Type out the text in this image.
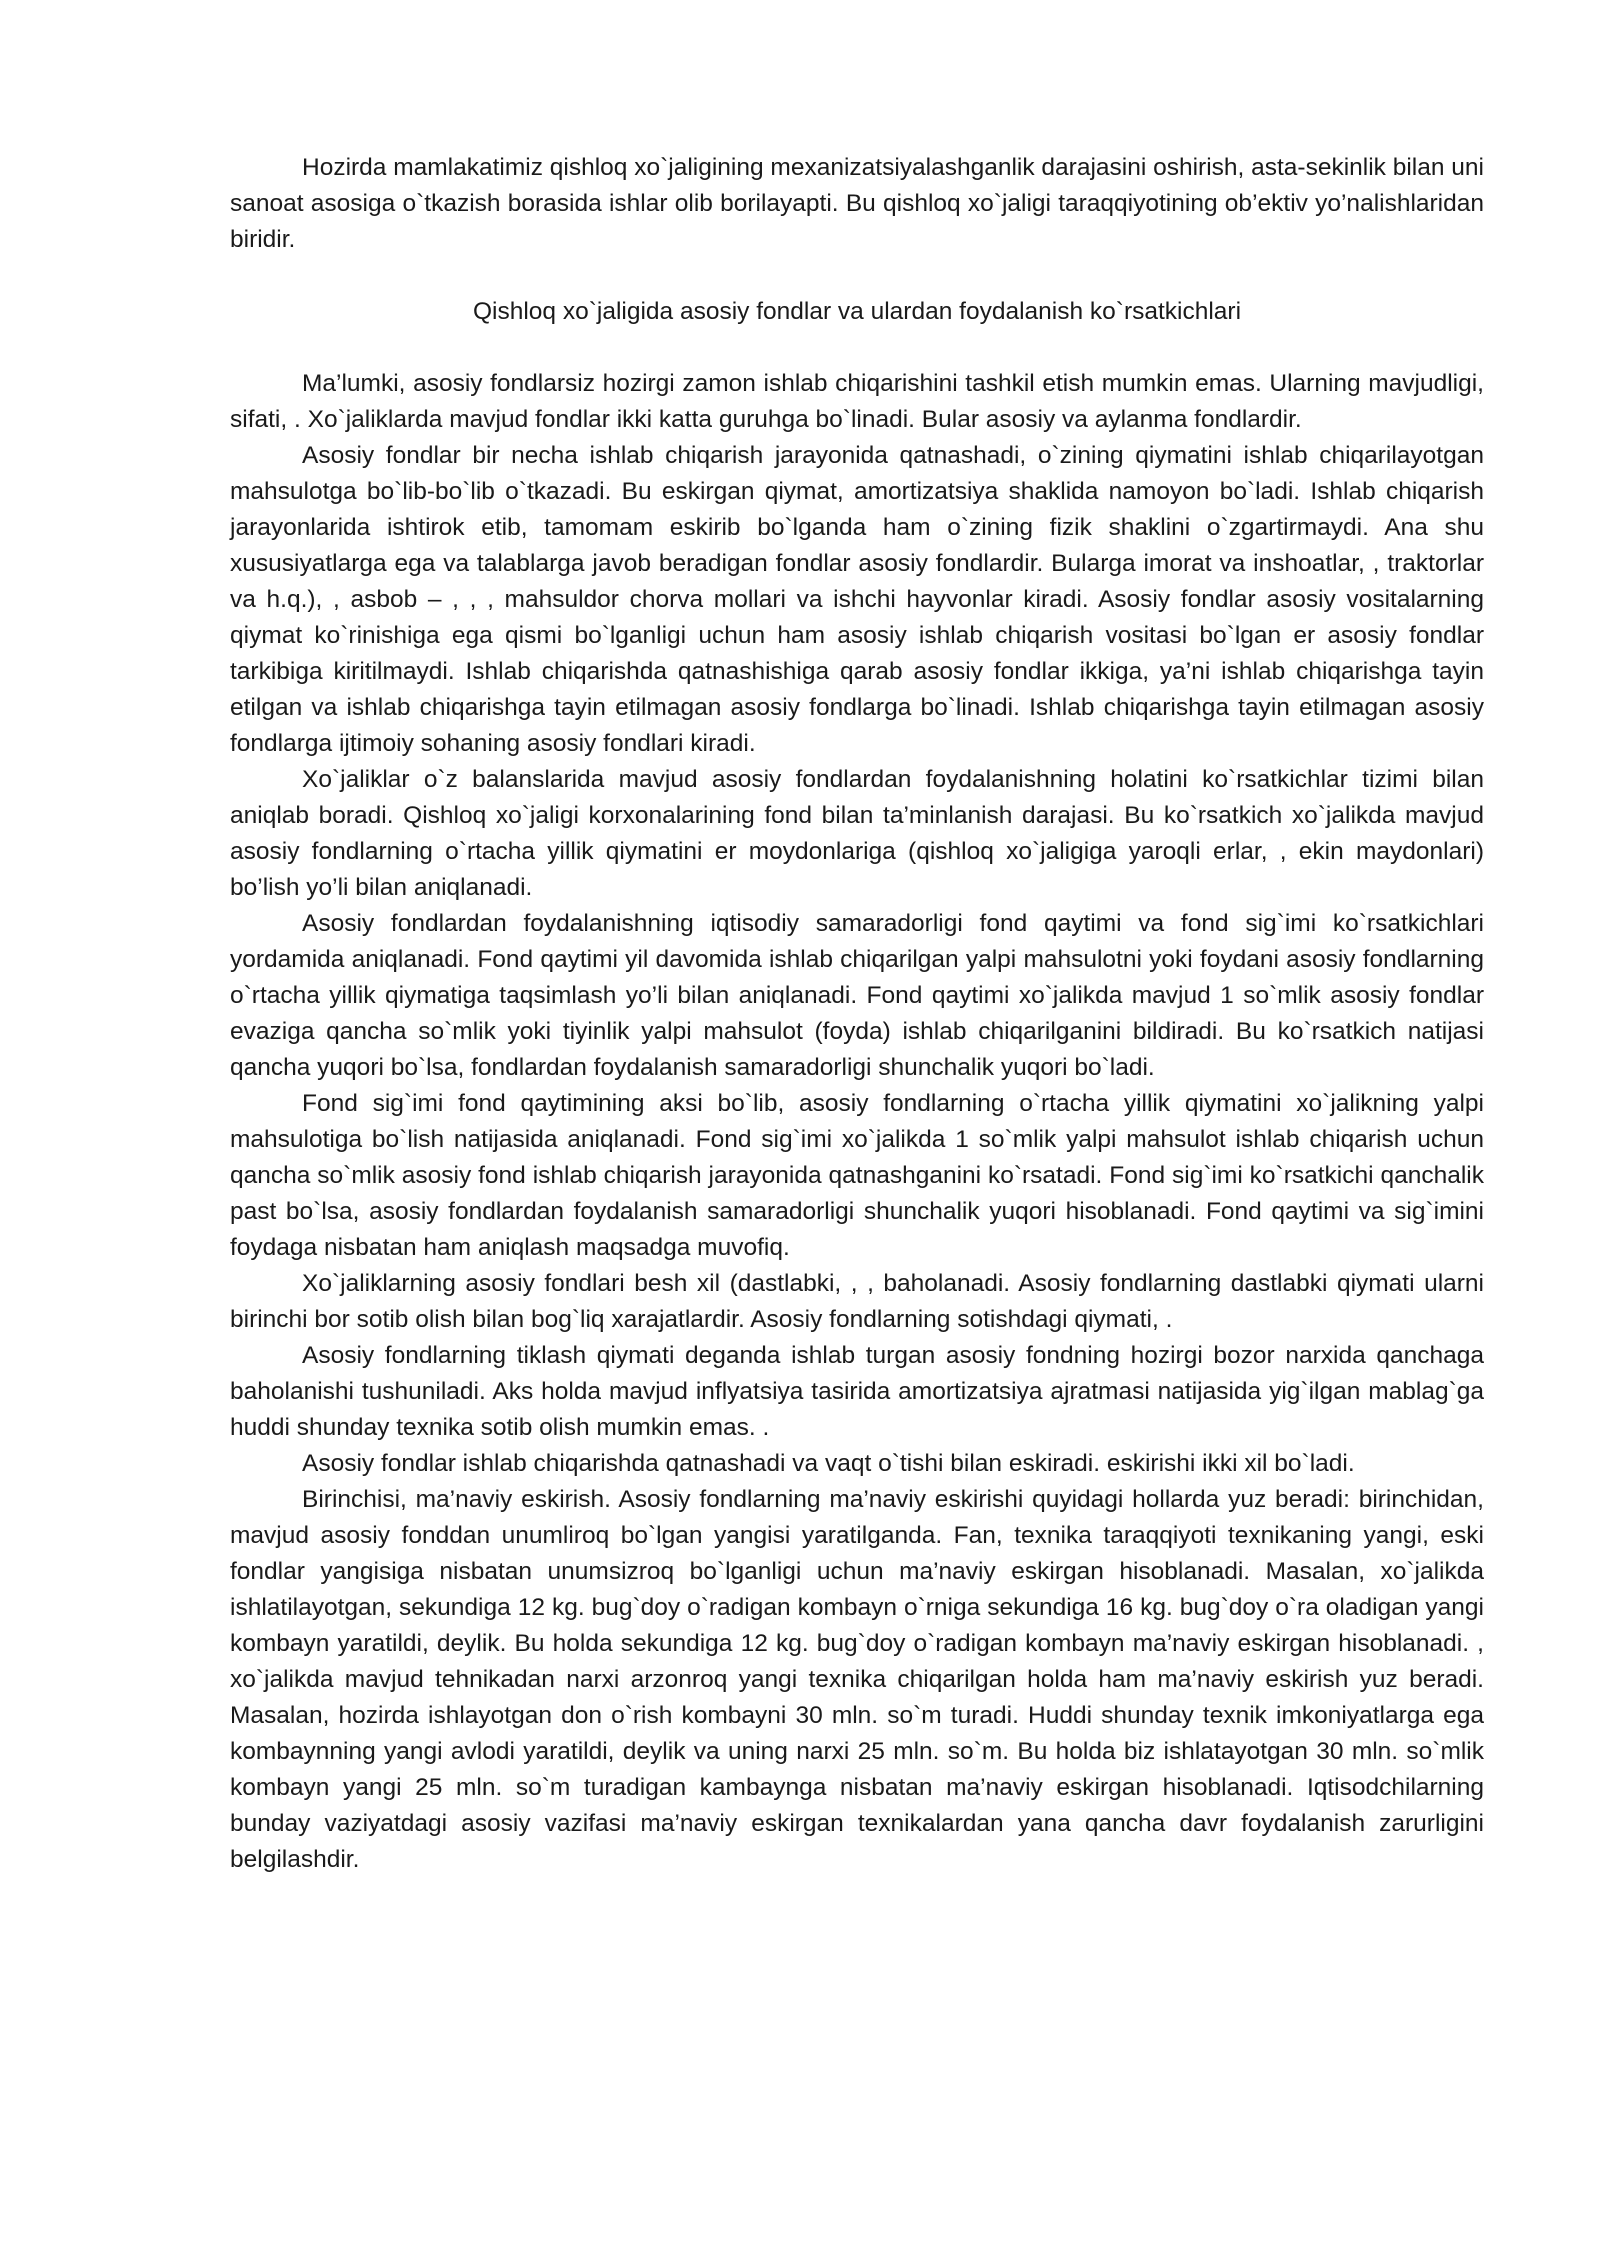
Hozirda mamlakatimiz qishloq xo`jaligining mexanizatsiyalashganlik darajasini oshirish, asta-sekinlik bilan uni sanoat asosiga o`tkazish borasida ishlar olib borilayapti. Bu qishloq xo`jaligi taraqqiyotining ob’ektiv yo’nalishlaridan biridir.

Qishloq xo`jaligida asosiy fondlar va ulardan foydalanish ko`rsatkichlari

Ma’lumki, asosiy fondlarsiz hozirgi zamon ishlab chiqarishini tashkil etish mumkin emas. Ularning mavjudligi, sifati, . Xo`jaliklarda mavjud fondlar ikki katta guruhga bo`linadi. Bular asosiy va aylanma fondlardir.

Asosiy fondlar bir necha ishlab chiqarish jarayonida qatnashadi, o`zining qiymatini ishlab chiqarilayotgan mahsulotga bo`lib-bo`lib o`tkazadi. Bu eskirgan qiymat, amortizatsiya shaklida namoyon bo`ladi. Ishlab chiqarish jarayonlarida ishtirok etib, tamomam eskirib bo`lganda ham o`zining fizik shaklini o`zgartirmaydi. Ana shu xususiyatlarga ega va talablarga javob beradigan fondlar asosiy fondlardir. Bularga imorat va inshoatlar, , traktorlar va h.q.), , asbob – , , , mahsuldor chorva mollari va ishchi hayvonlar kiradi. Asosiy fondlar asosiy vositalarning qiymat ko`rinishiga ega qismi bo`lganligi uchun ham asosiy ishlab chiqarish vositasi bo`lgan er asosiy fondlar tarkibiga kiritilmaydi. Ishlab chiqarishda qatnashishiga qarab asosiy fondlar ikkiga, ya’ni ishlab chiqarishga tayin etilgan va ishlab chiqarishga tayin etilmagan asosiy fondlarga bo`linadi. Ishlab chiqarishga tayin etilmagan asosiy fondlarga ijtimoiy sohaning asosiy fondlari kiradi.

Xo`jaliklar o`z balanslarida mavjud asosiy fondlardan foydalanishning holatini ko`rsatkichlar tizimi bilan aniqlab boradi. Qishloq xo`jaligi korxonalarining fond bilan ta’minlanish darajasi. Bu ko`rsatkich xo`jalikda mavjud asosiy fondlarning o`rtacha yillik qiymatini er moydonlariga (qishloq xo`jaligiga yaroqli erlar, , ekin maydonlari) bo’lish yo’li bilan aniqlanadi.

Asosiy fondlardan foydalanishning iqtisodiy samaradorligi fond qaytimi va fond sig`imi ko`rsatkichlari yordamida aniqlanadi. Fond qaytimi yil davomida ishlab chiqarilgan yalpi mahsulotni yoki foydani asosiy fondlarning o`rtacha yillik qiymatiga taqsimlash yo’li bilan aniqlanadi. Fond qaytimi xo`jalikda mavjud 1 so`mlik asosiy fondlar evaziga qancha so`mlik yoki tiyinlik yalpi mahsulot (foyda) ishlab chiqarilganini bildiradi. Bu ko`rsatkich natijasi qancha yuqori bo`lsa, fondlardan foydalanish samaradorligi shunchalik yuqori bo`ladi.

Fond sig`imi fond qaytimining aksi bo`lib, asosiy fondlarning o`rtacha yillik qiymatini xo`jalikning yalpi mahsulotiga bo`lish natijasida aniqlanadi. Fond sig`imi xo`jalikda 1 so`mlik yalpi mahsulot ishlab chiqarish uchun qancha so`mlik asosiy fond ishlab chiqarish jarayonida qatnashganini ko`rsatadi. Fond sig`imi ko`rsatkichi qanchalik past bo`lsa, asosiy fondlardan foydalanish samaradorligi shunchalik yuqori hisoblanadi. Fond qaytimi va sig`imini foydaga nisbatan ham aniqlash maqsadga muvofiq.

Xo`jaliklarning asosiy fondlari besh xil (dastlabki, , , baholanadi. Asosiy fondlarning dastlabki qiymati ularni birinchi bor sotib olish bilan bog`liq xarajatlardir. Asosiy fondlarning sotishdagi qiymati, .

Asosiy fondlarning tiklash qiymati deganda ishlab turgan asosiy fondning hozirgi bozor narxida qanchaga baholanishi tushuniladi. Aks holda mavjud inflyatsiya tasirida amortizatsiya ajratmasi natijasida yig`ilgan mablag`ga huddi shunday texnika sotib olish mumkin emas. .

Asosiy fondlar ishlab chiqarishda qatnashadi va vaqt o`tishi bilan eskiradi. eskirishi ikki xil bo`ladi.

Birinchisi, ma’naviy eskirish. Asosiy fondlarning ma’naviy eskirishi quyidagi hollarda yuz beradi: birinchidan, mavjud asosiy fonddan unumliroq bo`lgan yangisi yaratilganda. Fan, texnika taraqqiyoti texnikaning yangi, eski fondlar yangisiga nisbatan unumsizroq bo`lganligi uchun ma’naviy eskirgan hisoblanadi. Masalan, xo`jalikda ishlatilayotgan, sekundiga 12 kg. bug`doy o`radigan kombayn o`rniga sekundiga 16 kg. bug`doy o`ra oladigan yangi kombayn yaratildi, deylik. Bu holda sekundiga 12 kg. bug`doy o`radigan kombayn ma’naviy eskirgan hisoblanadi. , xo`jalikda mavjud tehnikadan narxi arzonroq yangi texnika chiqarilgan holda ham ma’naviy eskirish yuz beradi. Masalan, hozirda ishlayotgan don o`rish kombayni 30 mln. so`m turadi. Huddi shunday texnik imkoniyatlarga ega kombaynning yangi avlodi yaratildi, deylik va uning narxi 25 mln. so`m. Bu holda biz ishlatayotgan 30 mln. so`mlik kombayn yangi 25 mln. so`m turadigan kambaynga nisbatan ma’naviy eskirgan hisoblanadi. Iqtisodchilarning bunday vaziyatdagi asosiy vazifasi ma’naviy eskirgan texnikalardan yana qancha davr foydalanish zarurligini belgilashdir.
